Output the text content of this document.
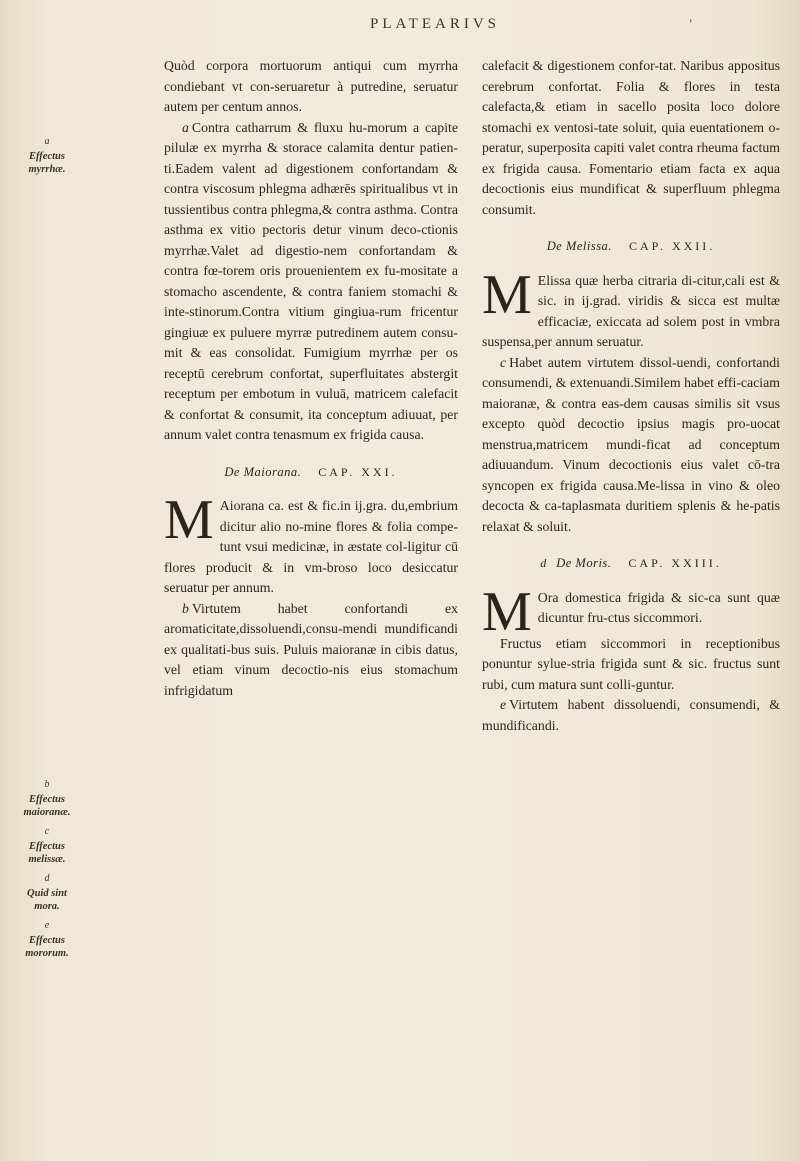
PLATEARIVS	'
a
Effectus myrrhæ.
b
Effectus maioranæ.
c
Effectus melissæ.
d
Quid sint mora.
e
Effectus mororum.

Quòd corpora mortuorum antiqui cum myrrha condiebant vt con-seruaretur à putredine, seruatur autem per centum annos.

a Contra catharrum & fluxu hu-morum a capite pilulæ ex myrrha & storace calamita dentur patien-ti.Eadem valent ad digestionem confortandam & contra viscosum phlegma adhærēs spiritualibus vt in tussientibus contra phlegma,& contra asthma. Contra asthma ex vitio pectoris detur vinum deco-ctionis myrrhæ.Valet ad digestio-nem confortandam & contra fœ-torem oris prouenientem ex fu-mositate a stomacho ascendente, & contra faniem stomachi & inte-stinorum.Contra vitium gingiua-rum fricentur gingiuæ ex puluere myrræ putredinem autem consu-mit & eas consolidat. Fumigium myrrhæ per os receptū cerebrum confortat, superfluitates abstergit receptum per embotum in vuluā, matricem calefacit & confortat & consumit, ita conceptum adiuuat, per annum valet contra tenasmum ex frigida causa.

De Maiorana. CAP. XXI.
M Aiorana ca. est & fic.in ij.gra. du,embrium dicitur alio no-mine flores & folia compe-tunt vsui medicinæ, in æstate col-ligitur cū flores producit & in vm-broso loco desiccatur seruatur per annum.

b Virtutem habet confortandi ex aromaticitate,dissoluendi,consu-mendi mundificandi ex qualitati-bus suis. Puluis maioranæ in cibis datus, vel etiam vinum decoctio-nis eius stomachum infrigidatum

calefacit & digestionem confor-tat. Naribus appositus cerebrum confortat. Folia & flores in testa calefacta,& etiam in sacello posita loco dolore stomachi ex ventosi-tate soluit, quia euentationem o-peratur, superposita capiti valet contra rheuma factum ex frigida causa. Fomentario etiam facta ex aqua decoctionis eius mundificat & superfluum phlegma consumit.

De Melissa. CAP. XXII.
M Elissa quæ herba citraria di-citur,cali est & sic. in ij.grad. viridis & sicca est multæ efficaciæ, exiccata ad solem post in vmbra suspensa,per annum seruatur.

c Habet autem virtutem dissol-uendi, confortandi consumendi, & extenuandi.Similem habet effi-caciam maioranæ, & contra eas-dem causas similis sit vsus excepto quòd decoctio ipsius magis pro-uocat menstrua,matricem mundi-ficat ad conceptum adiuuandum. Vinum decoctionis eius valet cō-tra syncopen ex frigida causa.Me-lissa in vino & oleo decocta & ca-taplasmata duritiem splenis & he-patis relaxat & soluit.

d De Moris. CAP. XXIII.
M Ora domestica frigida & sic-ca sunt quæ dicuntur fru-ctus siccommori.

Fructus etiam siccommori in receptionibus ponuntur sylue-stria frigida sunt & sic. fructus sunt rubi, cum matura sunt colli-guntur.

e Virtutem habent dissoluendi, consumendi, & mundificandi.
